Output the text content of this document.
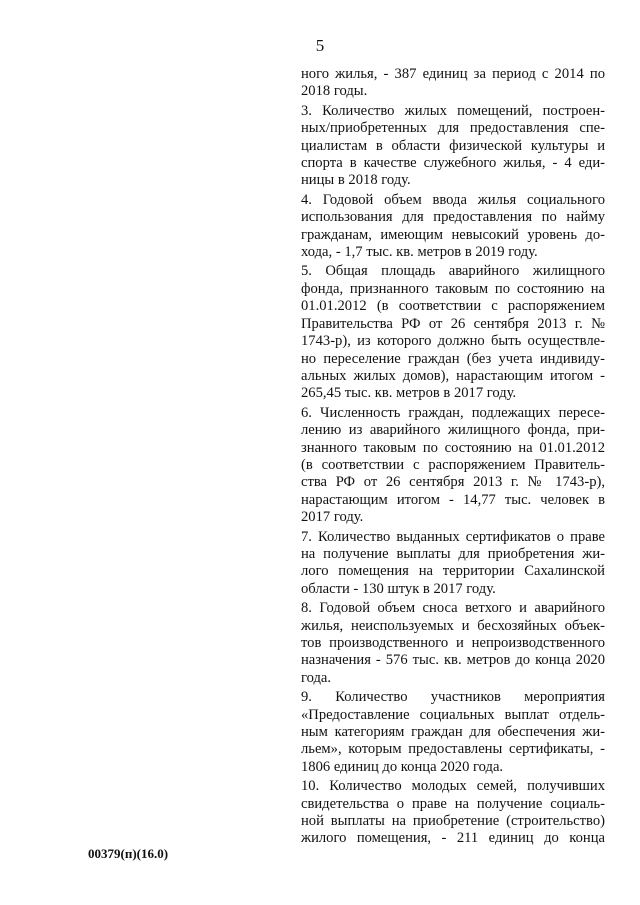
5
ного жилья, - 387 единиц за период с 2014 по
2018 годы.
3. Количество жилых помещений, построен-
ных/приобретенных для предоставления спе-
циалистам в области физической культуры и
спорта в качестве служебного жилья, - 4 еди-
ницы в 2018 году.
4. Годовой объем ввода жилья социального
использования для предоставления по найму
гражданам, имеющим невысокий уровень до-
хода, - 1,7 тыс. кв. метров в 2019 году.
5. Общая площадь аварийного жилищного
фонда, признанного таковым по состоянию на
01.01.2012 (в соответствии с распоряжением
Правительства РФ от 26 сентября 2013 г. №
1743-р), из которого должно быть осуществле-
но переселение граждан (без учета индивиду-
альных жилых домов), нарастающим итогом -
265,45 тыс. кв. метров в 2017 году.
6. Численность граждан, подлежащих пересе-
лению из аварийного жилищного фонда, при-
знанного таковым по состоянию на 01.01.2012
(в соответствии с распоряжением Правитель-
ства РФ от 26 сентября 2013 г. № 1743-р),
нарастающим итогом - 14,77 тыс. человек в
2017 году.
7. Количество выданных сертификатов о праве
на получение выплаты для приобретения жи-
лого помещения на территории Сахалинской
области - 130 штук в 2017 году.
8. Годовой объем сноса ветхого и аварийного
жилья, неиспользуемых и бесхозяйных объек-
тов производственного и непроизводственного
назначения - 576 тыс. кв. метров до конца 2020
года.
9. Количество участников мероприятия
«Предоставление социальных выплат отдель-
ным категориям граждан для обеспечения жи-
льем», которым предоставлены сертификаты, -
1806 единиц до конца 2020 года.
10. Количество молодых семей, получивших
свидетельства о праве на получение социаль-
ной выплаты на приобретение (строительство)
жилого помещения, - 211 единиц до конца
00379(п)(16.0)
